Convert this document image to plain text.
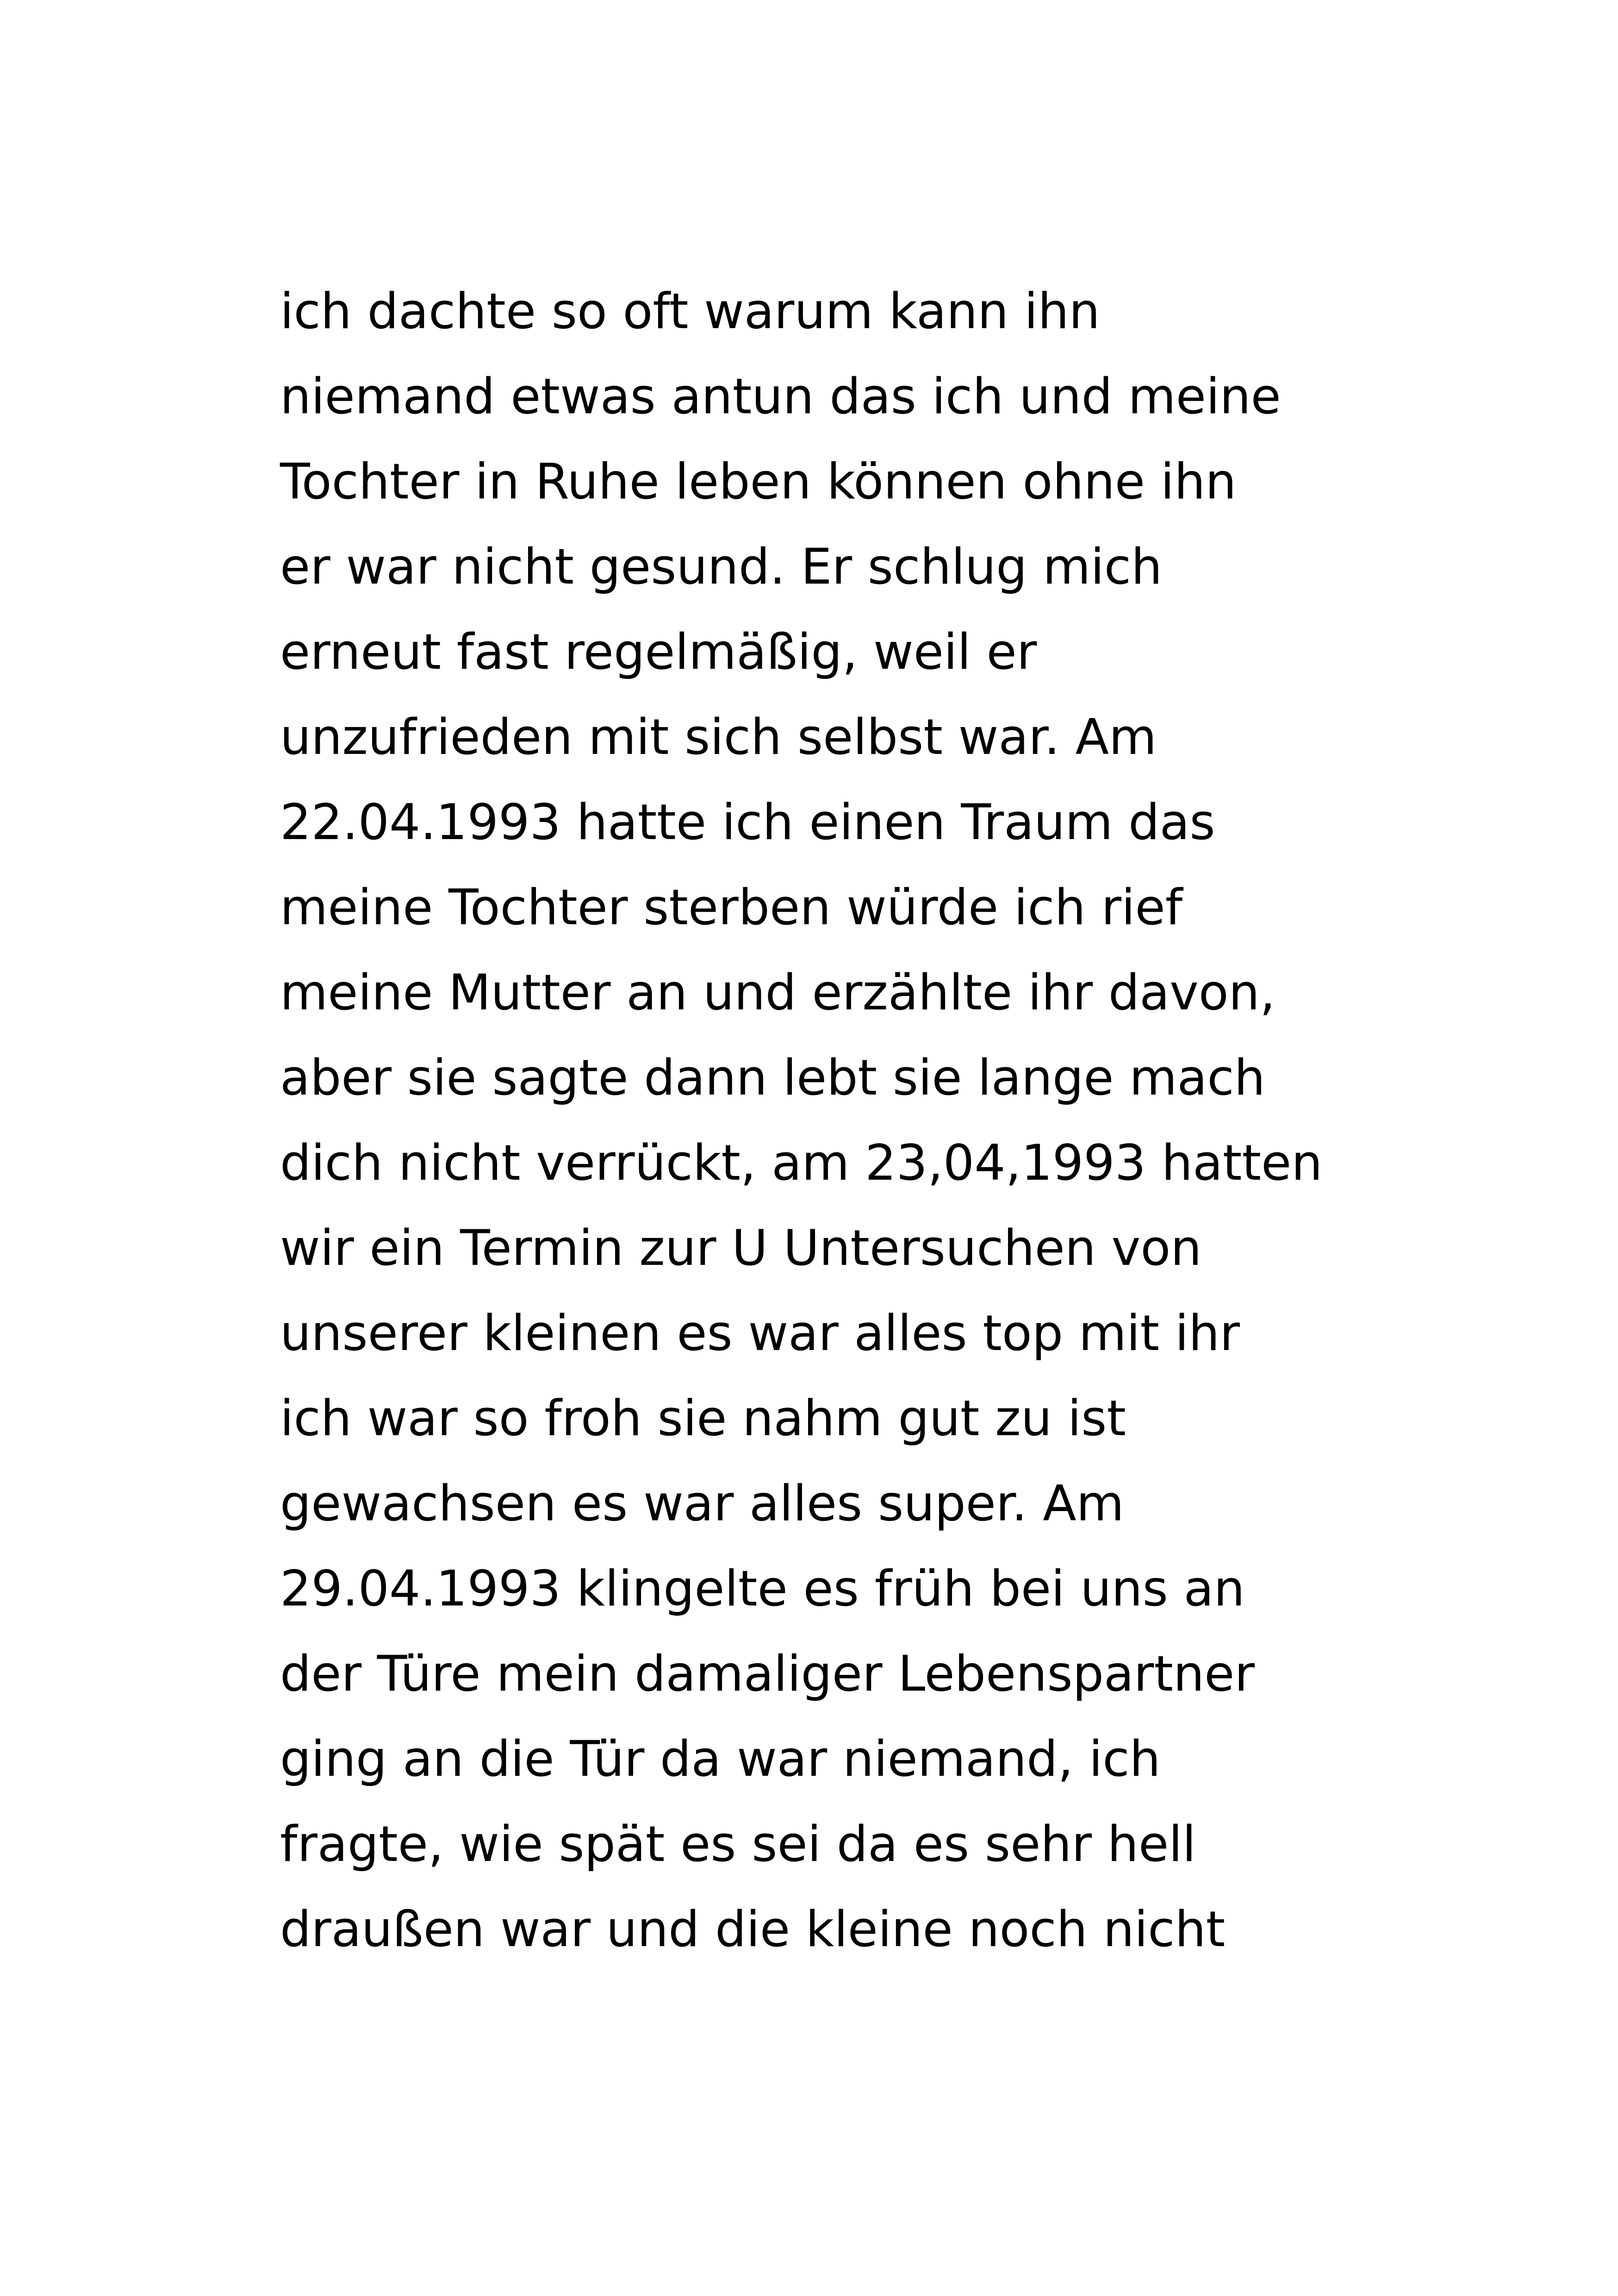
ich dachte so oft warum kann ihn
niemand etwas antun das ich und meine
Tochter in Ruhe leben können ohne ihn
er war nicht gesund. Er schlug mich
erneut fast regelmäßig, weil er
unzufrieden mit sich selbst war. Am
22.04.1993 hatte ich einen Traum das
meine Tochter sterben würde ich rief
meine Mutter an und erzählte ihr davon,
aber sie sagte dann lebt sie lange mach
dich nicht verrückt, am 23,04,1993 hatten
wir ein Termin zur U Untersuchen von
unserer kleinen es war alles top mit ihr
ich war so froh sie nahm gut zu ist
gewachsen es war alles super. Am
29.04.1993 klingelte es früh bei uns an
der Türe mein damaliger Lebenspartner
ging an die Tür da war niemand, ich
fragte, wie spät es sei da es sehr hell
draußen war und die kleine noch nicht
